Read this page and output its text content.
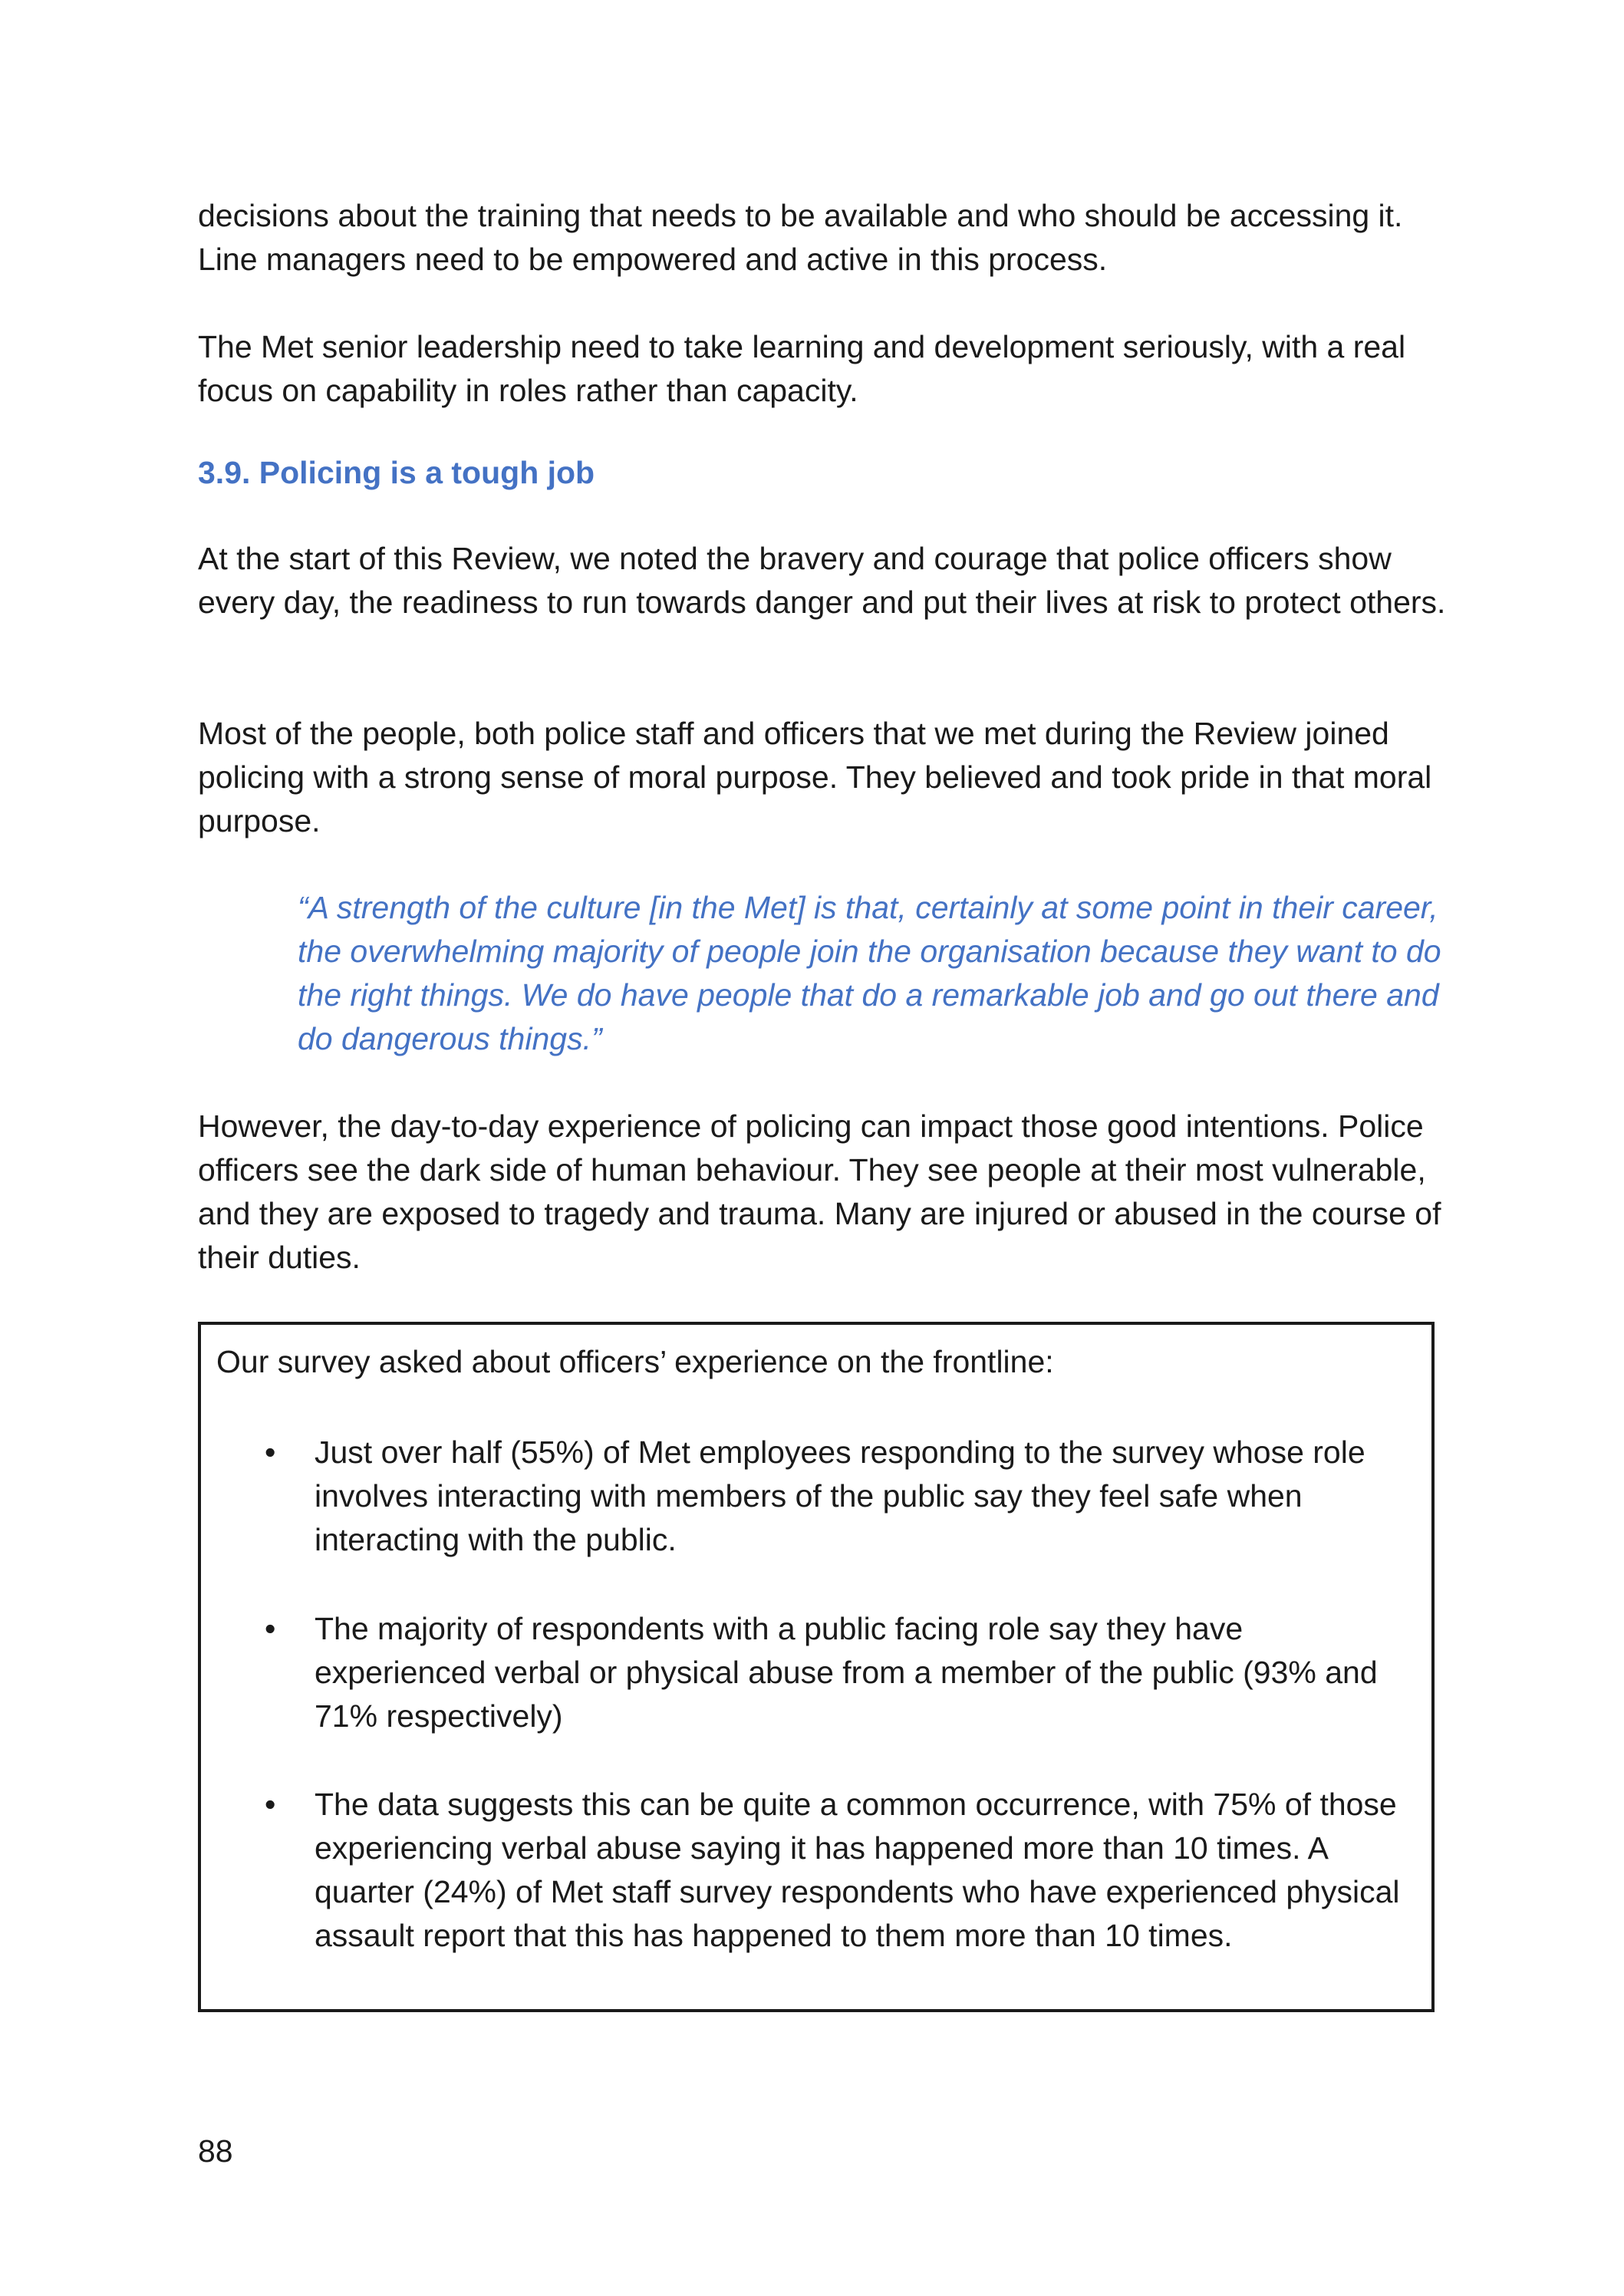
decisions about the training that needs to be available and who should be accessing it. Line managers need to be empowered and active in this process.

The Met senior leadership need to take learning and development seriously, with a real focus on capability in roles rather than capacity.

3.9. Policing is a tough job

At the start of this Review, we noted the bravery and courage that police officers show every day, the readiness to run towards danger and put their lives at risk to protect others.

Most of the people, both police staff and officers that we met during the Review joined policing with a strong sense of moral purpose. They believed and took pride in that moral purpose.

“A strength of the culture [in the Met] is that, certainly at some point in their career, the overwhelming majority of people join the organisation because they want to do the right things. We do have people that do a remarkable job and go out there and do dangerous things.”

However, the day-to-day experience of policing can impact those good intentions. Police officers see the dark side of human behaviour. They see people at their most vulnerable, and they are exposed to tragedy and trauma. Many are injured or abused in the course of their duties.

Our survey asked about officers’ experience on the frontline:

• Just over half (55%) of Met employees responding to the survey whose role involves interacting with members of the public say they feel safe when interacting with the public.

• The majority of respondents with a public facing role say they have experienced verbal or physical abuse from a member of the public (93% and 71% respectively)

• The data suggests this can be quite a common occurrence, with 75% of those experiencing verbal abuse saying it has happened more than 10 times. A quarter (24%) of Met staff survey respondents who have experienced physical assault report that this has happened to them more than 10 times.

88
